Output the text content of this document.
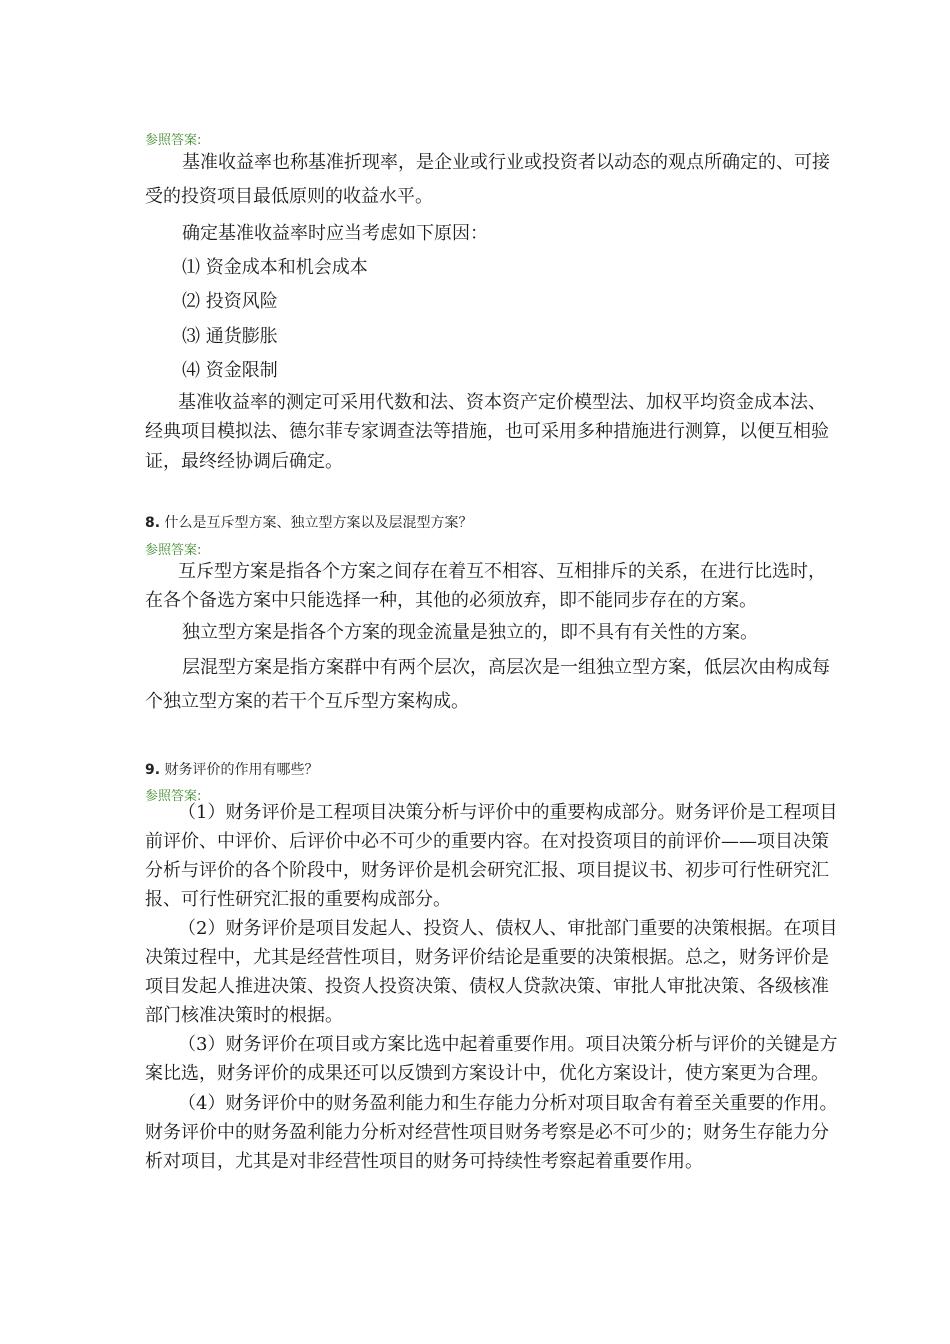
参照答案:
基准收益率也称基准折现率，是企业或行业或投资者以动态的观点所确定的、可接
受的投资项目最低原则的收益水平。
确定基准收益率时应当考虑如下原因：
⑴ 资金成本和机会成本
⑵ 投资风险
⑶ 通货膨胀
⑷ 资金限制
基准收益率的测定可采用代数和法、资本资产定价模型法、加权平均资金成本法、
经典项目模拟法、德尔菲专家调查法等措施，也可采用多种措施进行测算，以便互相验
证，最终经协调后确定。
8. 什么是互斥型方案、独立型方案以及层混型方案？
参照答案:
互斥型方案是指各个方案之间存在着互不相容、互相排斥的关系，在进行比选时，
在各个备选方案中只能选择一种，其他的必须放弃，即不能同步存在的方案。
独立型方案是指各个方案的现金流量是独立的，即不具有有关性的方案。
层混型方案是指方案群中有两个层次，高层次是一组独立型方案，低层次由构成每
个独立型方案的若干个互斥型方案构成。
9. 财务评价的作用有哪些？
参照答案:
（1）财务评价是工程项目决策分析与评价中的重要构成部分。财务评价是工程项目
前评价、中评价、后评价中必不可少的重要内容。在对投资项目的前评价——项目决策
分析与评价的各个阶段中，财务评价是机会研究汇报、项目提议书、初步可行性研究汇
报、可行性研究汇报的重要构成部分。
（2）财务评价是项目发起人、投资人、债权人、审批部门重要的决策根据。在项目
决策过程中，尤其是经营性项目，财务评价结论是重要的决策根据。总之，财务评价是
项目发起人推进决策、投资人投资决策、债权人贷款决策、审批人审批决策、各级核准
部门核准决策时的根据。
（3）财务评价在项目或方案比选中起着重要作用。项目决策分析与评价的关键是方
案比选，财务评价的成果还可以反馈到方案设计中，优化方案设计，使方案更为合理。
（4）财务评价中的财务盈利能力和生存能力分析对项目取舍有着至关重要的作用。
财务评价中的财务盈利能力分析对经营性项目财务考察是必不可少的；财务生存能力分
析对项目，尤其是对非经营性项目的财务可持续性考察起着重要作用。
